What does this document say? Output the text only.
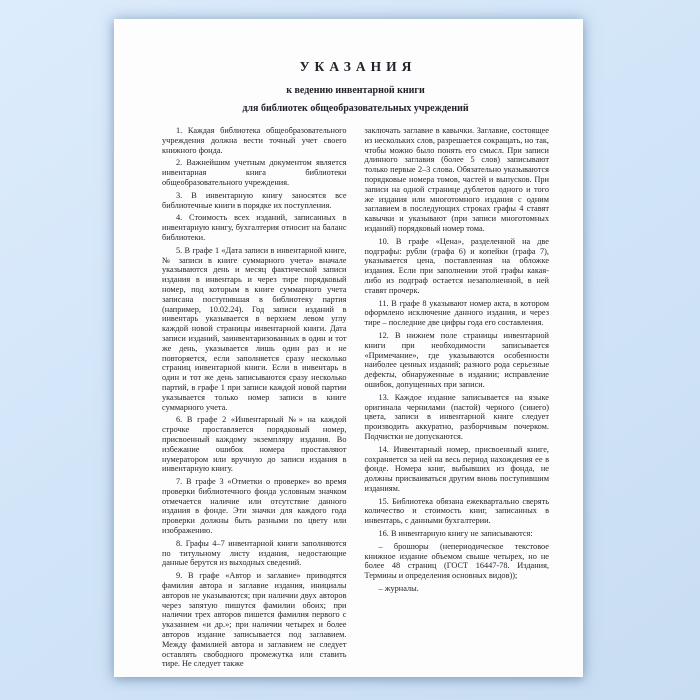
УКАЗАНИЯ
к ведению инвентарной книги
для библиотек общеобразовательных учреждений

1. Каждая библиотека общеобразовательного учреждения должна вести точный учет своего книжного фонда.

2. Важнейшим учетным документом является инвентарная книга библиотеки общеобразовательного учреждения.

3. В инвентарную книгу заносятся все библиотечные книги в порядке их поступления.

4. Стоимость всех изданий, записанных в инвентарную книгу, бухгалтерия относит на баланс библиотеки.

5. В графе 1 «Дата записи в инвентарной книге, № записи в книге суммарного учета» вначале указываются день и месяц фактической записи издания в инвентарь и через тире порядковый номер, под которым в книге суммарного учета записана поступившая в библиотеку партия (например, 10.02.24). Год записи изданий в инвентарь указывается в верхнем левом углу каждой новой страницы инвентарной книги. Дата записи изданий, заинвентаризованных в один и тот же день, указывается лишь один раз и не повторяется, если заполняется сразу несколько страниц инвентарной книги. Если в инвентарь в один и тот же день записываются сразу несколько партий, в графе 1 при записи каждой новой партии указывается только номер записи в книге суммарного учета.

6. В графе 2 «Инвентарный №» на каждой строчке проставляется порядковый номер, присвоенный каждому экземпляру издания. Во избежание ошибок номера проставляют нумератором или вручную до записи издания в инвентарную книгу.

7. В графе 3 «Отметки о проверке» во время проверки библиотечного фонда условным значком отмечается наличие или отсутствие данного издания в фонде. Эти значки для каждого года проверки должны быть разными по цвету или изображению.

8. Графы 4–7 инвентарной книги заполняются по титульному листу издания, недостающие данные берутся из выходных сведений.

9. В графе «Автор и заглавие» приводятся фамилия автора и заглавие издания, инициалы авторов не указываются; при наличии двух авторов через запятую пишутся фамилии обоих; при наличии трех авторов пишется фамилия первого с указанием «и др.»; при наличии четырех и более авторов издание записывается под заглавием. Между фамилией автора и заглавием не следует оставлять свободного промежутка или ставить тире. Не следует также

заключать заглавие в кавычки. Заглавие, состоящее из нескольких слов, разрешается сокращать, но так, чтобы можно было понять его смысл. При записи длинного заглавия (более 5 слов) записывают только первые 2–3 слова. Обязательно указываются порядковые номера томов, частей и выпусков. При записи на одной странице дублетов одного и того же издания или многотомного издания с одним заглавием в последующих строках графы 4 ставят кавычки и указывают (при записи многотомных изданий) порядковый номер тома.

10. В графе «Цена», разделенной на две подграфы: рубли (графа 6) и копейки (графа 7), указывается цена, поставленная на обложке издания. Если при заполнении этой графы какая-либо из подграф остается незаполненной, в ней ставят прочерк.

11. В графе 8 указывают номер акта, в котором оформлено исключение данного издания, и через тире – последние две цифры года его составления.

12. В нижнем поле страницы инвентарной книги при необходимости записывается «Примечание», где указываются особенности наиболее ценных изданий; разного рода серьезные дефекты, обнаруженные в издании; исправление ошибок, допущенных при записи.

13. Каждое издание записывается на языке оригинала чернилами (пастой) черного (синего) цвета, записи в инвентарной книге следует производить аккуратно, разборчивым почерком. Подчистки не допускаются.

14. Инвентарный номер, присвоенный книге, сохраняется за ней на весь период нахождения ее в фонде. Номера книг, выбывших из фонда, не должны присваиваться другим вновь поступившим изданиям.

15. Библиотека обязана ежеквартально сверять количество и стоимость книг, записанных в инвентарь, с данными бухгалтерии.

16. В инвентарную книгу не записываются:

– брошюры (непериодическое текстовое книжное издание объемом свыше четырех, но не более 48 страниц (ГОСТ 16447-78. Издания, Термины и определения основных видов));

– журналы.
